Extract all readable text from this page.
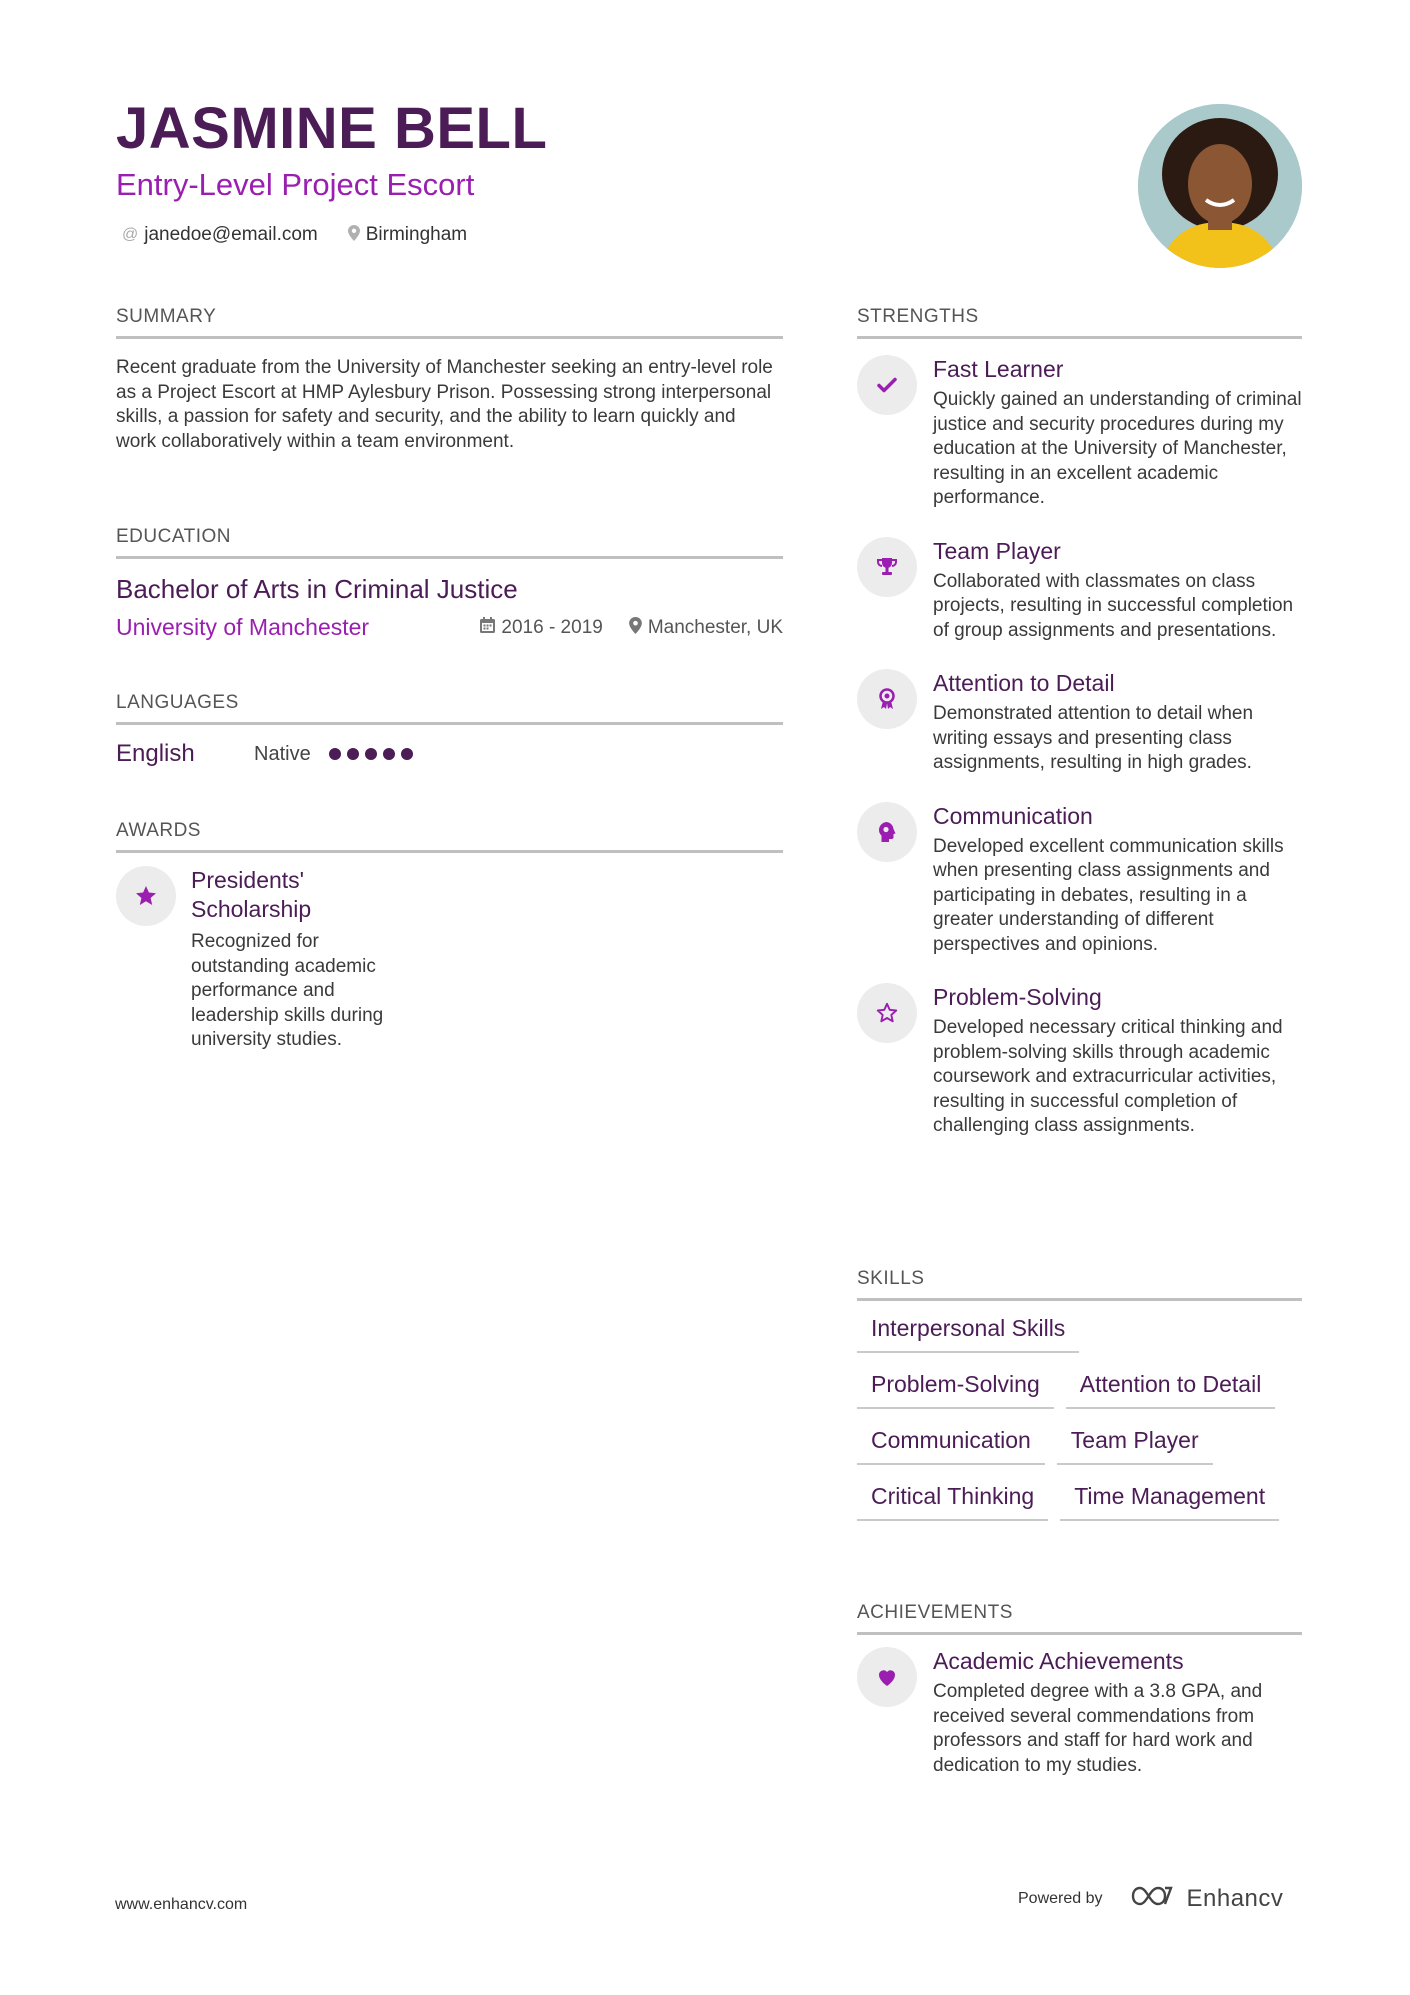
JASMINE BELL
Entry-Level Project Escort
@ janedoe@email.com	Birmingham
SUMMARY
Recent graduate from the University of Manchester seeking an entry-level role as a Project Escort at HMP Aylesbury Prison. Possessing strong interpersonal skills, a passion for safety and security, and the ability to learn quickly and work collaboratively within a team environment.
EDUCATION
Bachelor of Arts in Criminal Justice
University of Manchester	2016 - 2019 Manchester, UK
LANGUAGES
English	Native
AWARDS
Presidents' Scholarship
Recognized for outstanding academic performance and leadership skills during university studies.
STRENGTHS
Fast Learner
Quickly gained an understanding of criminal justice and security procedures during my education at the University of Manchester, resulting in an excellent academic performance.
Team Player
Collaborated with classmates on class projects, resulting in successful completion of group assignments and presentations.
Attention to Detail
Demonstrated attention to detail when writing essays and presenting class assignments, resulting in high grades.
Communication
Developed excellent communication skills when presenting class assignments and participating in debates, resulting in a greater understanding of different perspectives and opinions.
Problem-Solving
Developed necessary critical thinking and problem-solving skills through academic coursework and extracurricular activities, resulting in successful completion of challenging class assignments.
SKILLS
Interpersonal Skills
Problem-Solving	Attention to Detail
Communication	Team Player
Critical Thinking	Time Management
ACHIEVEMENTS
Academic Achievements
Completed degree with a 3.8 GPA, and received several commendations from professors and staff for hard work and dedication to my studies.
www.enhancv.com	Powered by	Enhancv
